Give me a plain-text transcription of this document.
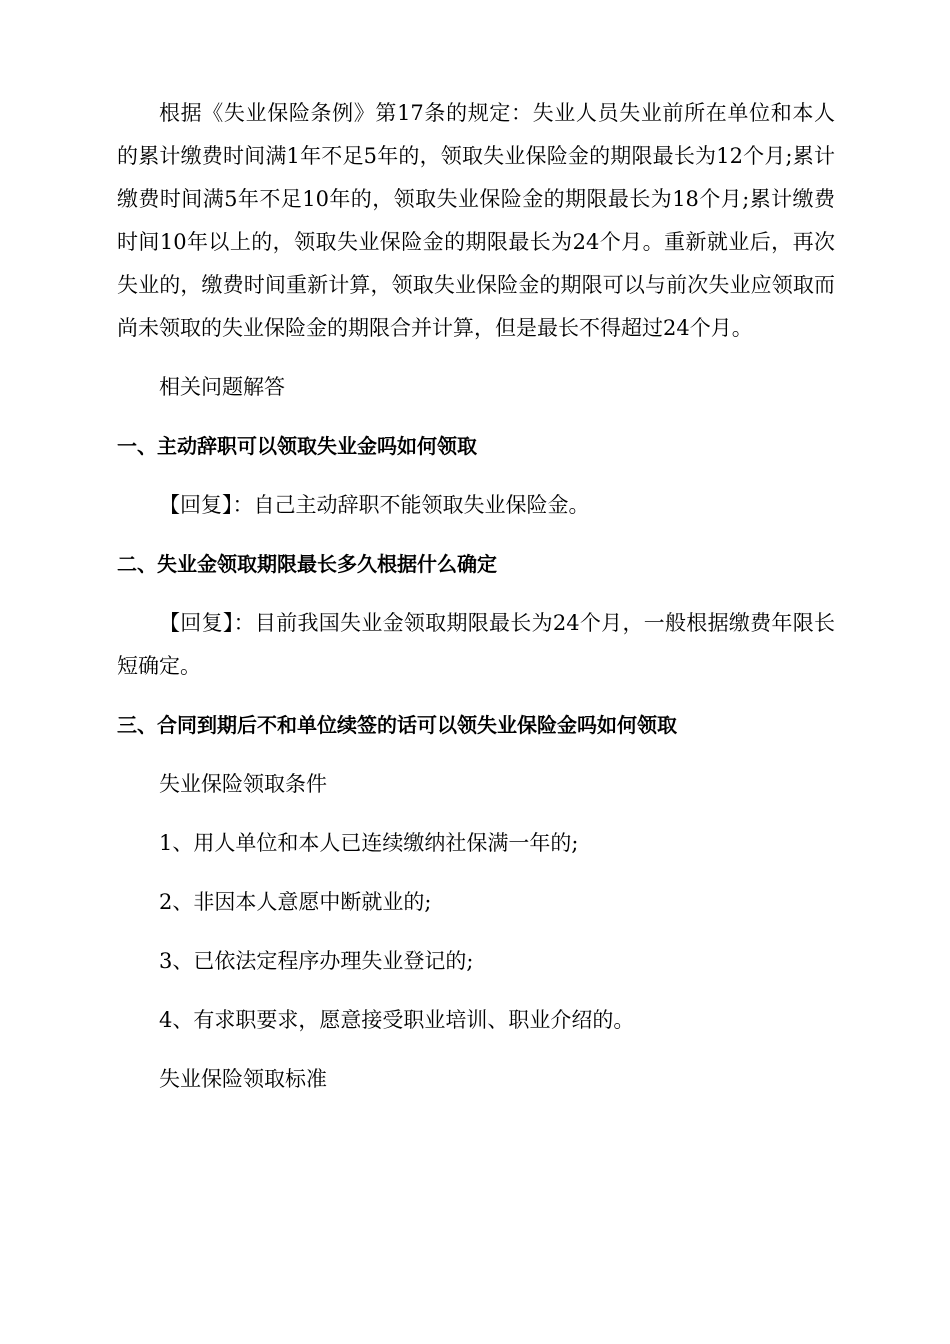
根据《失业保险条例》第17条的规定：失业人员失业前所在单位和本人的累计缴费时间满1年不足5年的，领取失业保险金的期限最长为12个月;累计缴费时间满5年不足10年的，领取失业保险金的期限最长为18个月;累计缴费时间10年以上的，领取失业保险金的期限最长为24个月。重新就业后，再次失业的，缴费时间重新计算，领取失业保险金的期限可以与前次失业应领取而尚未领取的失业保险金的期限合并计算，但是最长不得超过24个月。

相关问题解答

一、主动辞职可以领取失业金吗如何领取

【回复】：自己主动辞职不能领取失业保险金。

二、失业金领取期限最长多久根据什么确定

【回复】：目前我国失业金领取期限最长为24个月，一般根据缴费年限长短确定。

三、合同到期后不和单位续签的话可以领失业保险金吗如何领取

失业保险领取条件

1、用人单位和本人已连续缴纳社保满一年的;

2、非因本人意愿中断就业的;

3、已依法定程序办理失业登记的;

4、有求职要求，愿意接受职业培训、职业介绍的。

失业保险领取标准
